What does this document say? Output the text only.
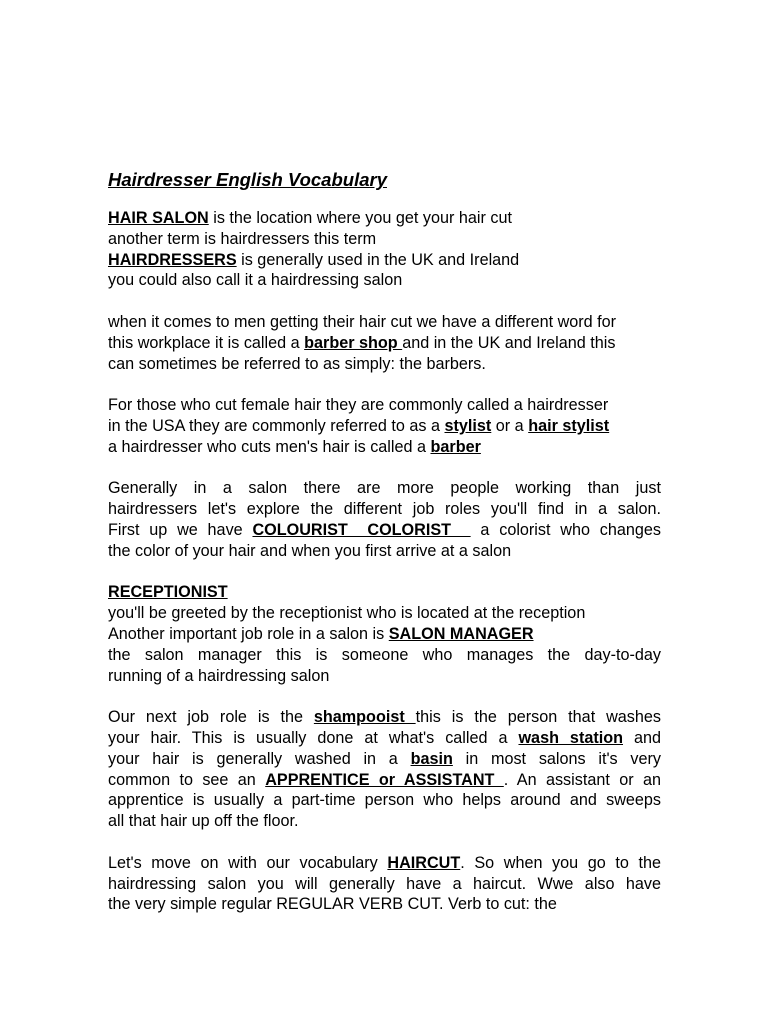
Hairdresser English Vocabulary

HAIR SALON is the location where you get your hair cut
another term is hairdressers this term
HAIRDRESSERS is generally used in the UK and Ireland
you could also call it a hairdressing salon

when it comes to men getting their hair cut we have a different word for
this workplace it is called a barber shop and in the UK and Ireland this
can sometimes be referred to as simply: the barbers.

For those who cut female hair they are commonly called a hairdresser
in the USA they are commonly referred to as a stylist or a hair stylist
a hairdresser who cuts men's hair is called a barber

Generally in a salon there are more people working than just
hairdressers let's explore the different job roles you'll find in a salon.
First up we have COLOURIST  COLORIST   a colorist who changes
the color of your hair and when you first arrive at a salon

RECEPTIONIST
you'll be greeted by the receptionist who is located at the reception
Another important job role in a salon is SALON MANAGER
the salon manager this is someone who manages the day-to-day
running of a hairdressing salon

Our next job role is the shampooist this is the person that washes
your hair. This is usually done at what's called a wash station and
your hair is generally washed in a basin in most salons it's very
common to see an APPRENTICE or ASSISTANT . An assistant or an
apprentice is usually a part-time person who helps around and sweeps
all that hair up off the floor.

Let's move on with our vocabulary HAIRCUT. So when you go to the
hairdressing salon you will generally have a haircut. Wwe also have
the very simple regular REGULAR VERB CUT. Verb to cut: the
